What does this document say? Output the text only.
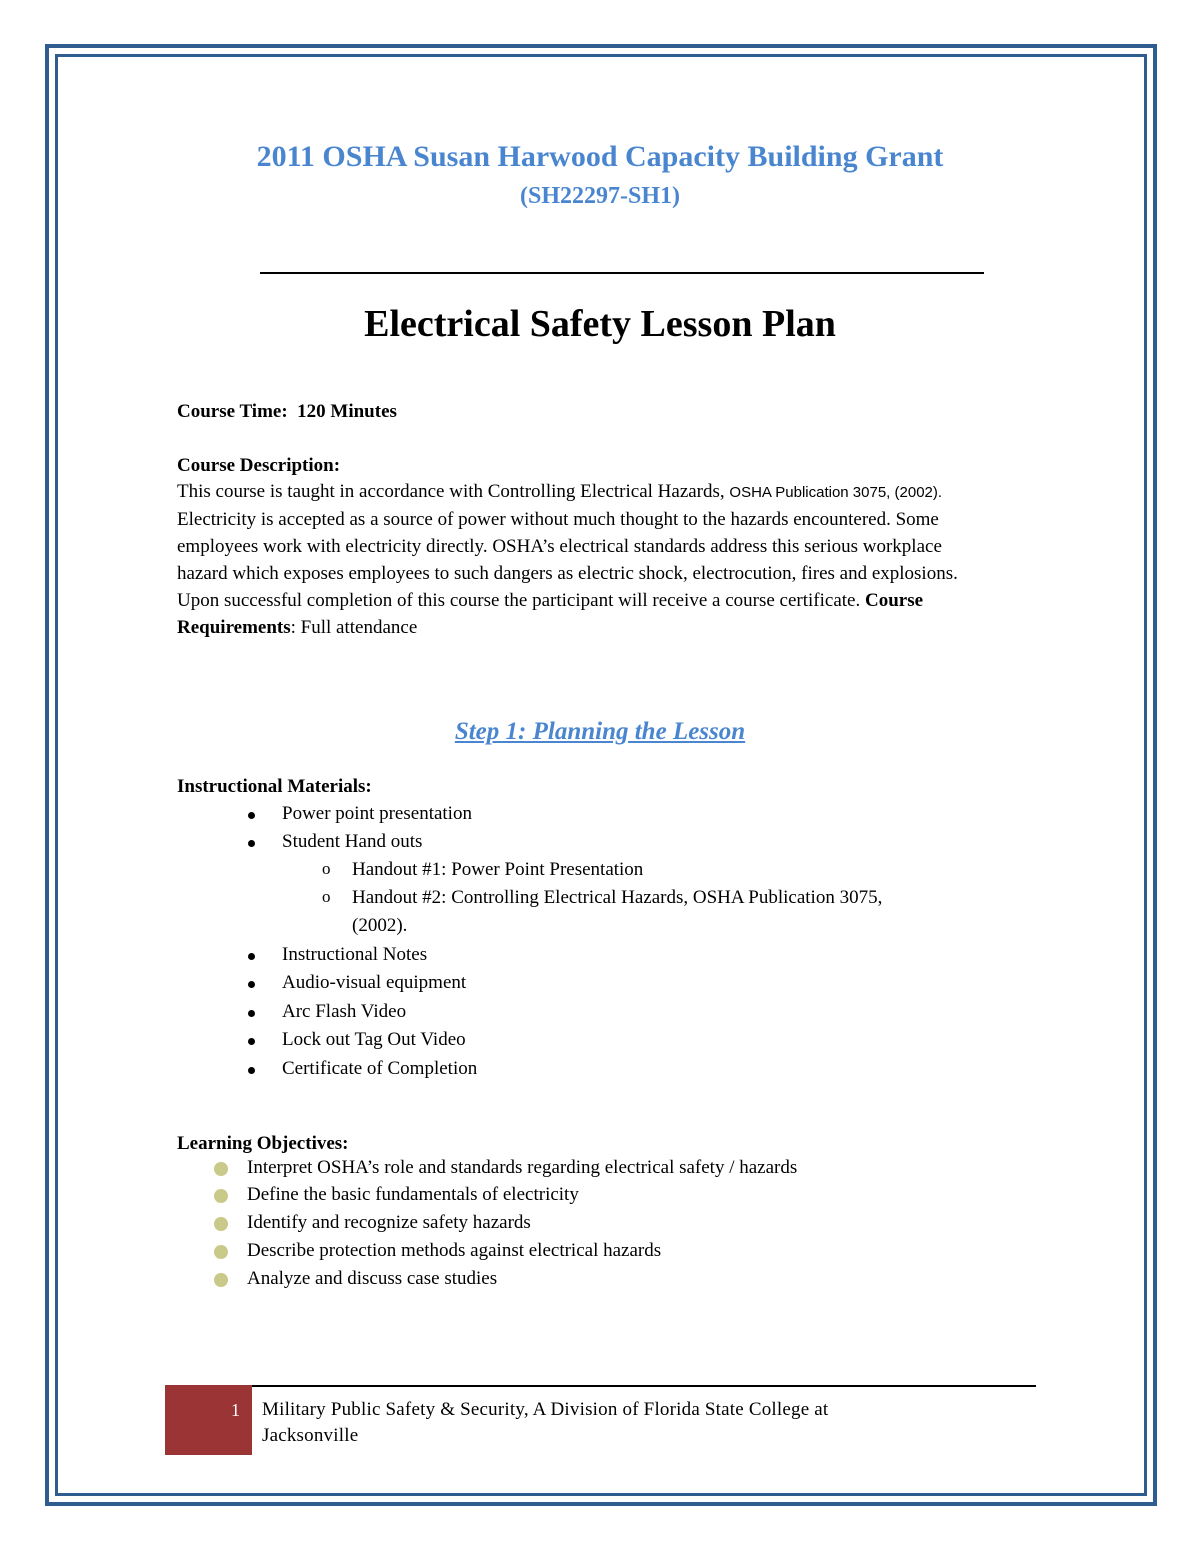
2011 OSHA Susan Harwood Capacity Building Grant
(SH22297-SH1)
Electrical Safety Lesson Plan
Course Time: 120 Minutes
Course Description:
This course is taught in accordance with Controlling Electrical Hazards, OSHA Publication 3075, (2002). Electricity is accepted as a source of power without much thought to the hazards encountered. Some employees work with electricity directly. OSHA’s electrical standards address this serious workplace hazard which exposes employees to such dangers as electric shock, electrocution, fires and explosions. Upon successful completion of this course the participant will receive a course certificate. Course Requirements: Full attendance
Step 1: Planning the Lesson
Instructional Materials:
Power point presentation
Student Hand outs
o Handout #1: Power Point Presentation
o Handout #2: Controlling Electrical Hazards, OSHA Publication 3075,
(2002).
Instructional Notes
Audio-visual equipment
Arc Flash Video
Lock out Tag Out Video
Certificate of Completion
Learning Objectives:
Interpret OSHA’s role and standards regarding electrical safety / hazards
Define the basic fundamentals of electricity
Identify and recognize safety hazards
Describe protection methods against electrical hazards
Analyze and discuss case studies
1 Military Public Safety & Security, A Division of Florida State College at
Jacksonville
